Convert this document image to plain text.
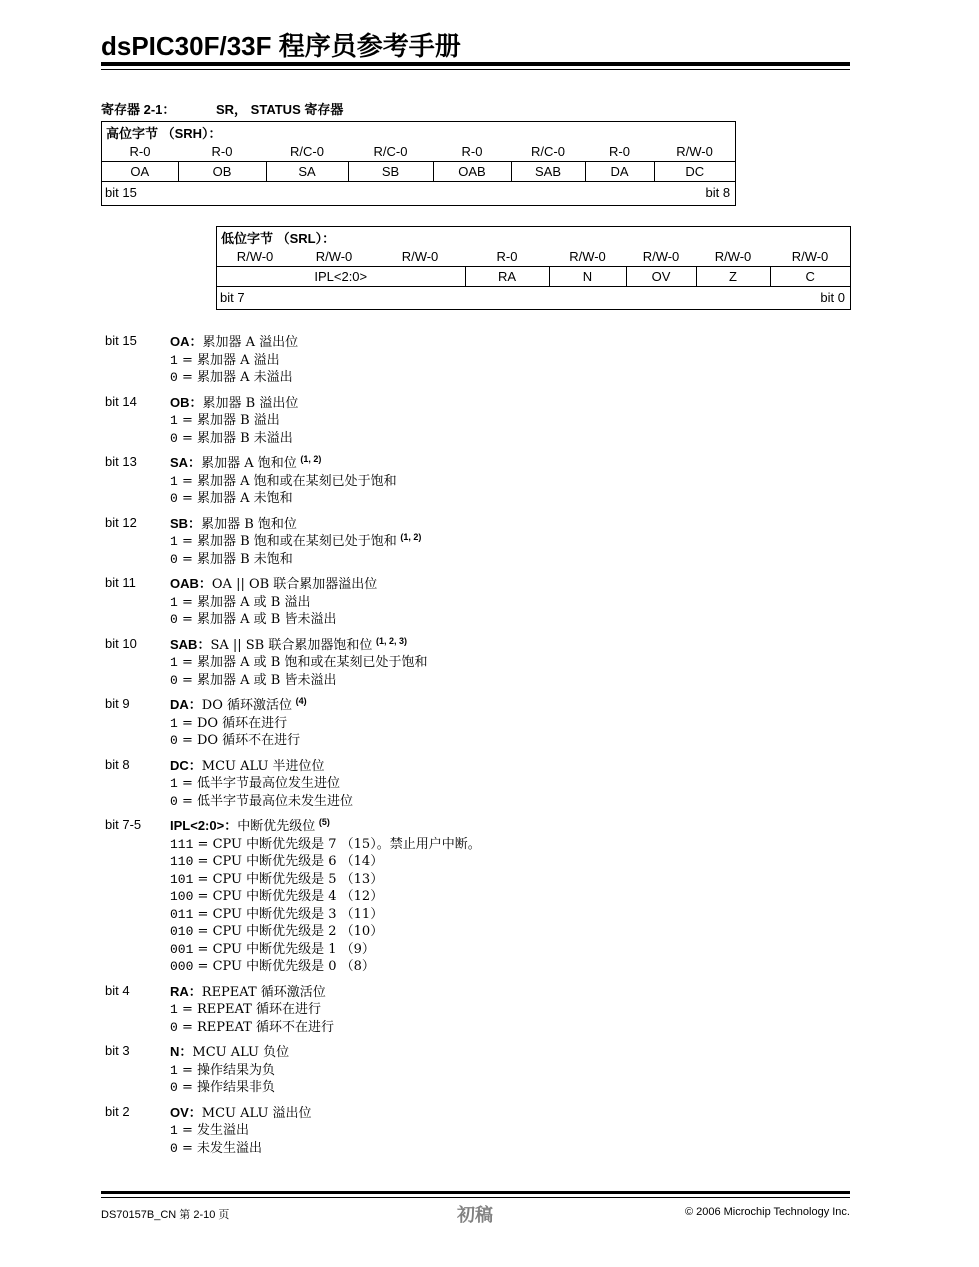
dsPIC30F/33F 程序员参考手册
寄存器 2-1：	SR， STATUS 寄存器
高位字节 （SRH）：							
R-0	R-0	R/C-0	R/C-0	R-0	R/C-0	R-0	R/W-0
OA	OB	SA	SB	OAB	SAB	DA	DC

bit 15 bit 8							
低位字节 （SRL）：							
R/W-0	R/W-0	R/W-0	R-0	R/W-0	R/W-0	R/W-0	R/W-0
IPL<2:0>			RA	N	OV	Z	C

bit 7 bit 0							
bit 15	OA：累加器 A 溢出位
1 = 累加器 A 溢出
0 = 累加器 A 未溢出
bit 14	OB：累加器 B 溢出位
1 = 累加器 B 溢出
0 = 累加器 B 未溢出
bit 13	SA：累加器 A 饱和位 $^{(1, 2)}$
1 = 累加器 A 饱和或在某刻已处于饱和
0 = 累加器 A 未饱和
bit 12	SB：累加器 B 饱和位
1 = 累加器 B 饱和或在某刻已处于饱和 $^{(1, 2)}$
0 = 累加器 B 未饱和
bit 11	OAB：OA || OB 联合累加器溢出位
1 = 累加器 A 或 B 溢出
0 = 累加器 A 或 B 皆未溢出
bit 10	SAB：SA || SB 联合累加器饱和位 $^{(1, 2, 3)}$
1 = 累加器 A 或 B 饱和或在某刻已处于饱和
0 = 累加器 A 或 B 皆未溢出
bit 9	DA：DO 循环激活位 $^{(4)}$
1 = DO 循环在进行
0 = DO 循环不在进行
bit 8	DC：MCU ALU 半进位位
1 = 低半字节最高位发生进位
0 = 低半字节最高位未发生进位
bit 7-5 IPL<2:0>：中断优先级位 $^{(5)}$
111 = CPU 中断优先级是 7 （15）。禁止用户中断。
110 = CPU 中断优先级是 6 （14）
101 = CPU 中断优先级是 5 （13）
100 = CPU 中断优先级是 4 （12）
011 = CPU 中断优先级是 3 （11）
010 = CPU 中断优先级是 2 （10）
001 = CPU 中断优先级是 1 （9）
000 = CPU 中断优先级是 0 （8）
bit 4	RA：REPEAT 循环激活位
1 = REPEAT 循环在进行
0 = REPEAT 循环不在进行
bit 3	N：MCU ALU 负位
1 = 操作结果为负
0 = 操作结果非负
bit 2	OV：MCU ALU 溢出位
1 = 发生溢出
0 = 未发生溢出
DS70157B_CN 第 2-10 页	初稿	© 2006 Microchip Technology Inc.
